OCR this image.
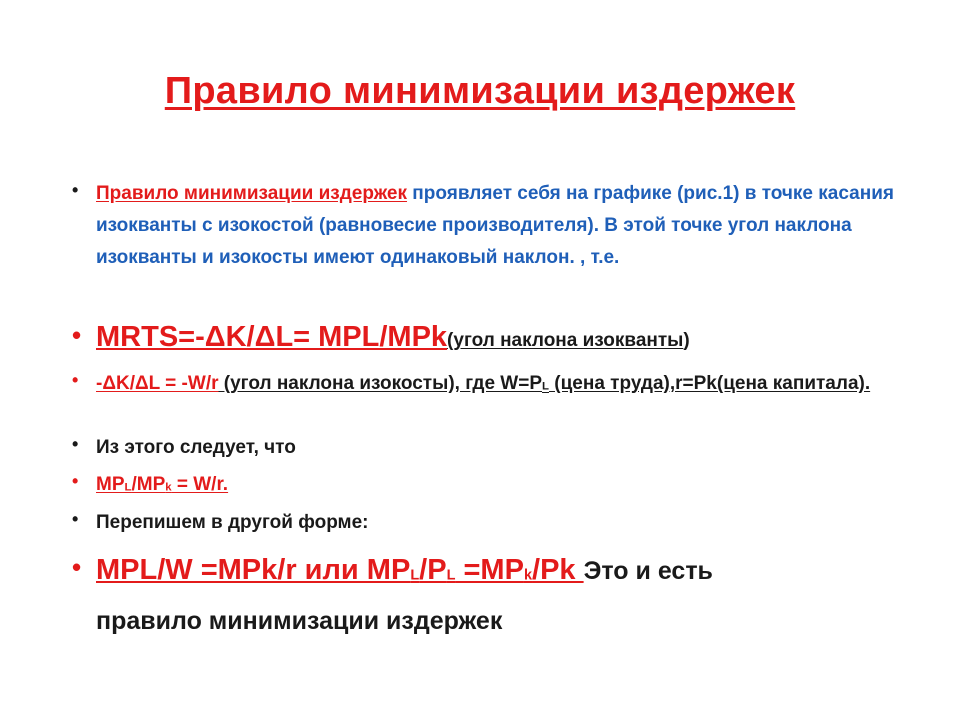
Правило минимизации издержек
• Правило минимизации издержек проявляет себя на графике (рис.1) в точке касания изокванты с изокостой (равновесие производителя). В этой точке угол наклона изокванты и изокосты имеют одинаковый наклон. , т.е.
• MRTS=-ΔK/ΔL= MPL/MPk(угол наклона изокванты)
• -ΔK/ΔL = -W/r (угол наклона изокосты), где W=PL (цена труда),r=Pk(цена капитала).
• Из этого следует, что
• MPL/MPk = W/r.
• Перепишем в другой форме:
• MPL/W =MPk/r или MPL/PL =MPk/Pk Это и есть
правило минимизации издержек
